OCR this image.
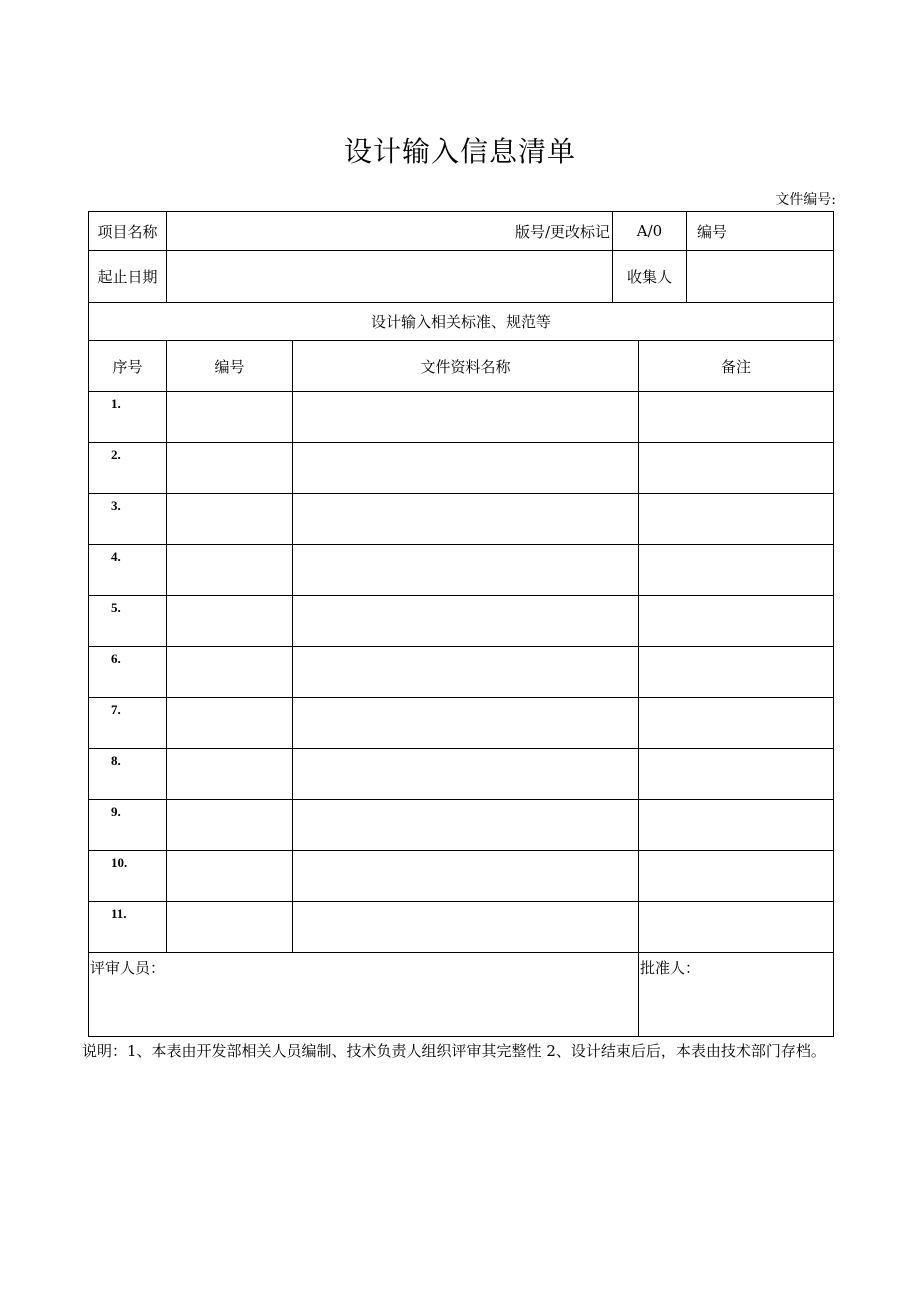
设计输入信息清单
文件编号:
项目名称	版号/更改标记		A/0		编号
起止日期			收集人		
设计输入相关标准、规范等					
序号	编号	文件资料名称		备注	
1.					
2.					
3.					
4.					
5.					
6.					
7.					
8.					
9.					
10.					
11.					
评审人员：				批准人：	
说明：1、本表由开发部相关人员编制、技术负责人组织评审其完整性 2、设计结束后后，本表由技术部门存档。
